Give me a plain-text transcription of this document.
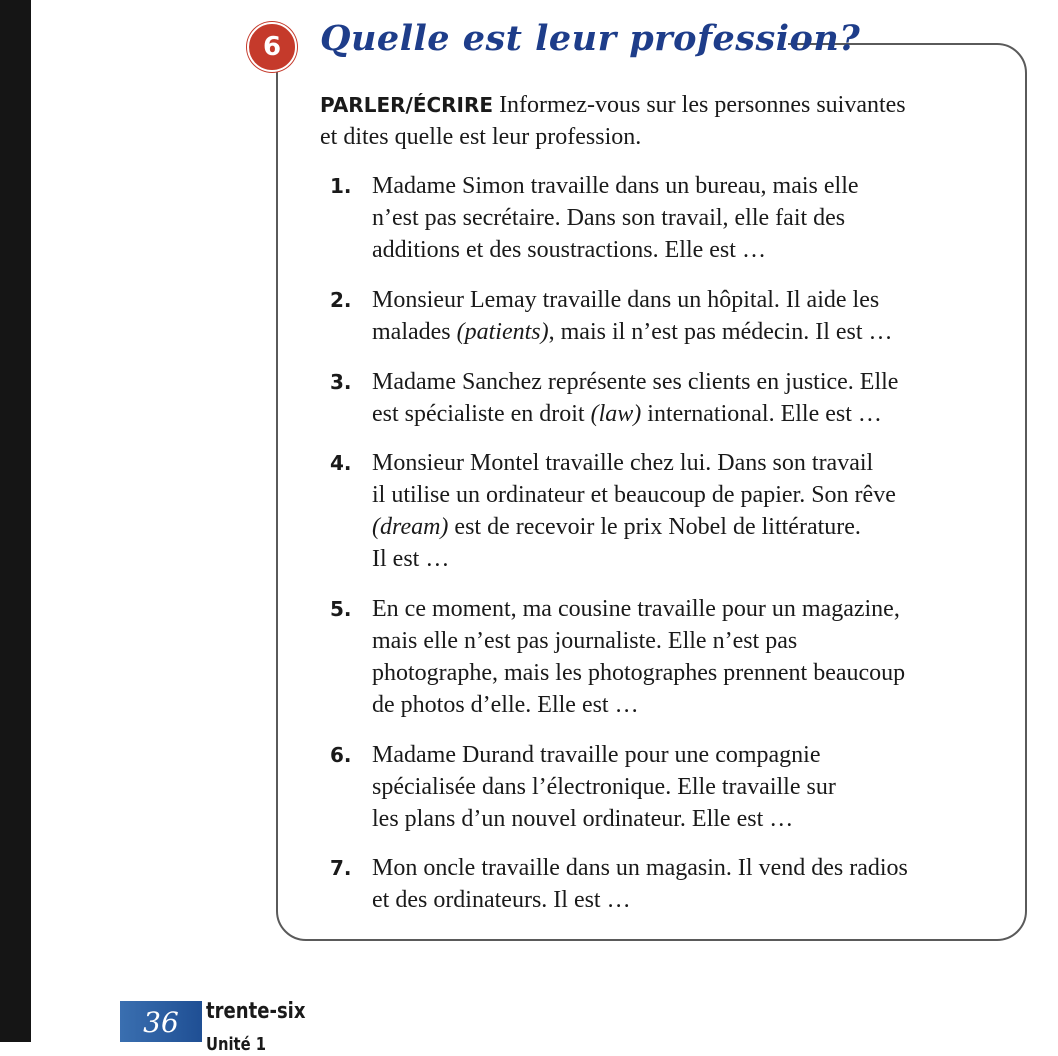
6	Quelle est leur profession?
PARLER/ÉCRIRE Informez-vous sur les personnes suivantes
et dites quelle est leur profession.
1. Madame Simon travaille dans un bureau, mais elle
n’est pas secrétaire. Dans son travail, elle fait des
additions et des soustractions. Elle est …
2. Monsieur Lemay travaille dans un hôpital. Il aide les
malades (patients), mais il n’est pas médecin. Il est …
3. Madame Sanchez représente ses clients en justice. Elle
est spécialiste en droit (law) international. Elle est …
4. Monsieur Montel travaille chez lui. Dans son travail
il utilise un ordinateur et beaucoup de papier. Son rêve
(dream) est de recevoir le prix Nobel de littérature.
Il est …
5. En ce moment, ma cousine travaille pour un magazine,
mais elle n’est pas journaliste. Elle n’est pas
photographe, mais les photographes prennent beaucoup
de photos d’elle. Elle est …
6. Madame Durand travaille pour une compagnie
spécialisée dans l’électronique. Elle travaille sur
les plans d’un nouvel ordinateur. Elle est …
7. Mon oncle travaille dans un magasin. Il vend des radios
et des ordinateurs. Il est …
36	trente-six
Unité 1
